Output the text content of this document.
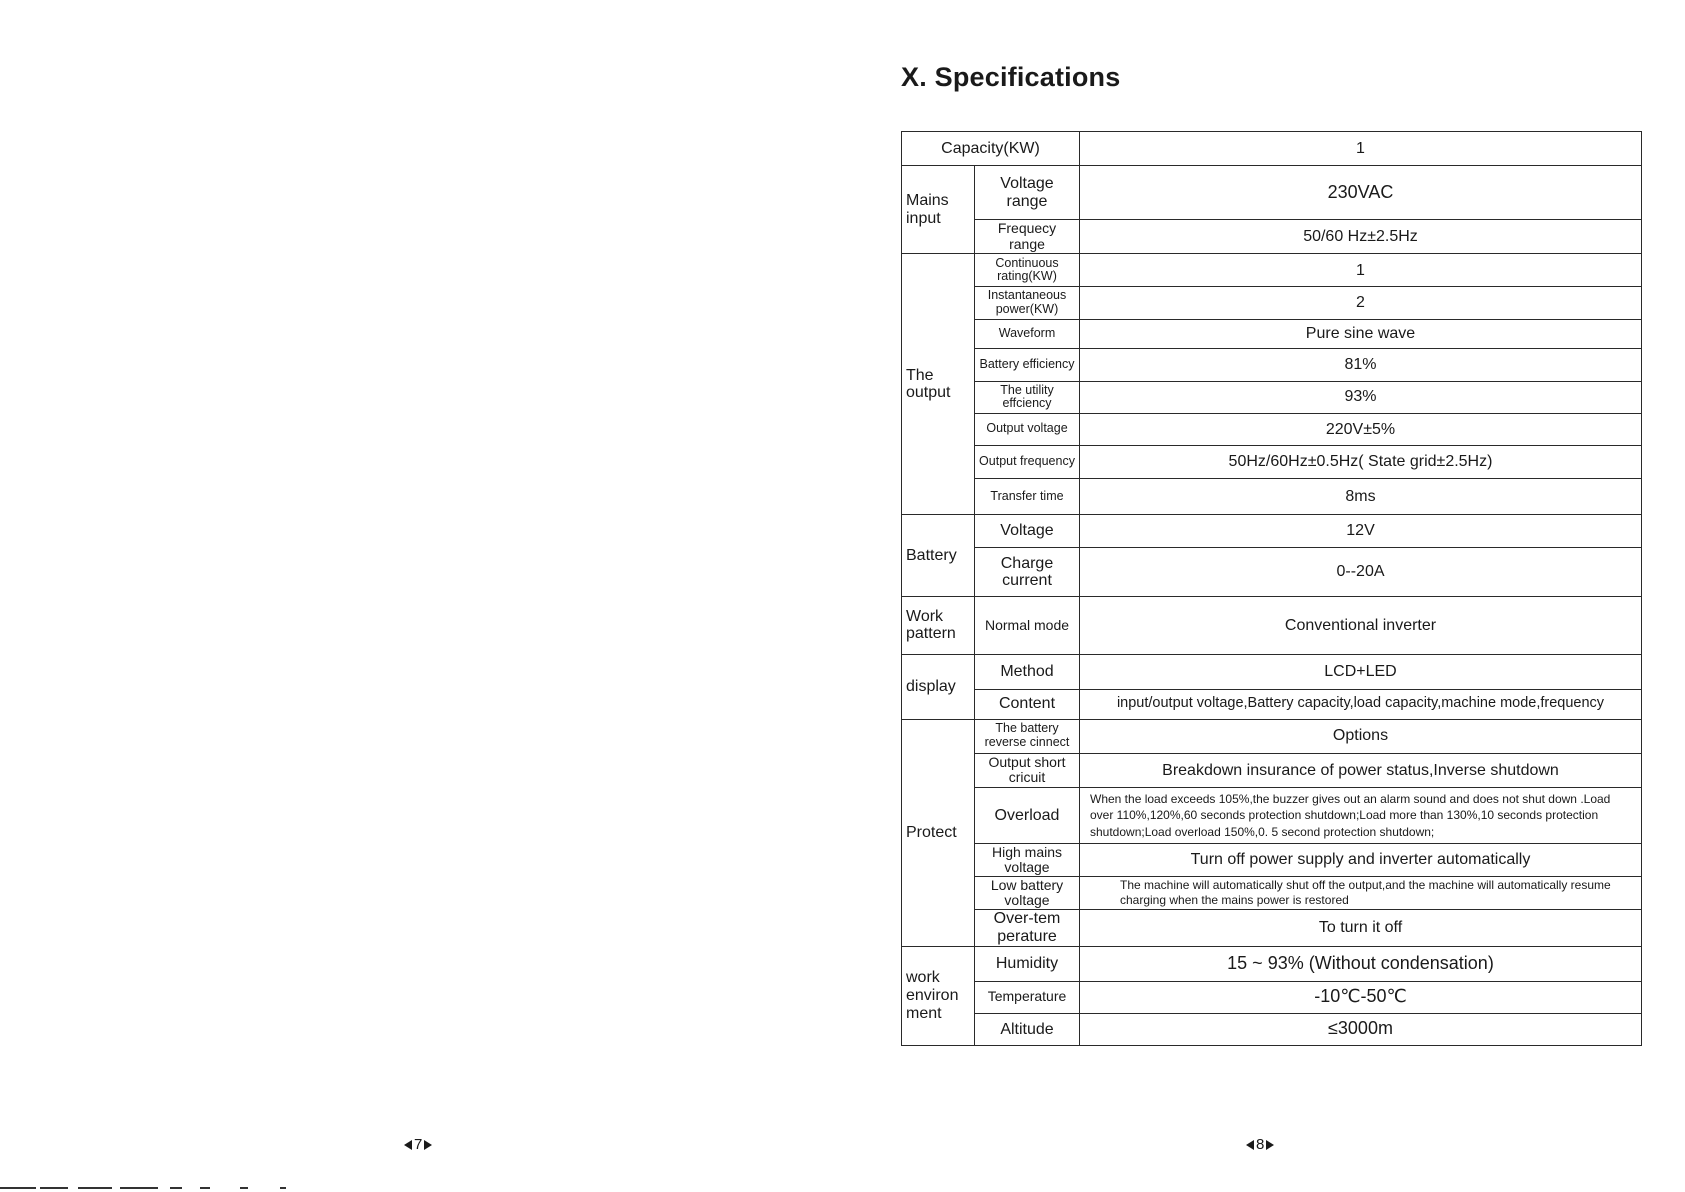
X. Specifications
Capacity(KW)		1
Mains input	Voltage range	230VAC
	Frequecy range	50/60 Hz±2.5Hz
The output	Continuous rating(KW)	1
	Instantaneous power(KW)	2
	Waveform	Pure sine wave
	Battery efficiency	81%
	The utility effciency	93%
	Output voltage	220V±5%
	Output frequency	50Hz/60Hz±0.5Hz( State grid±2.5Hz)
	Transfer time	8ms
Battery	Voltage	12V
	Charge current	0--20A
Work pattern	Normal mode	Conventional inverter
display	Method	LCD+LED
	Content	input/output voltage,Battery capacity,load capacity,machine mode,frequency
Protect	The battery reverse cinnect	Options
	Output short cricuit	Breakdown insurance of power status,Inverse shutdown
	Overload	When the load exceeds 105%,the buzzer gives out an alarm sound and does not shut down .Load over 110%,120%,60 seconds protection shutdown;Load more than 130%,10 seconds protection shutdown;Load overload 150%,0. 5 second protection shutdown;
	High mains voltage	Turn off power supply and inverter automatically
	Low battery voltage	The machine will automatically shut off the output,and the machine will automatically resume charging when the mains power is restored
	Over-tem perature	To turn it off
work environ ment	Humidity	15 ~ 93% (Without condensation)
	Temperature	-10℃-50℃
	Altitude	≤3000m
7	8
